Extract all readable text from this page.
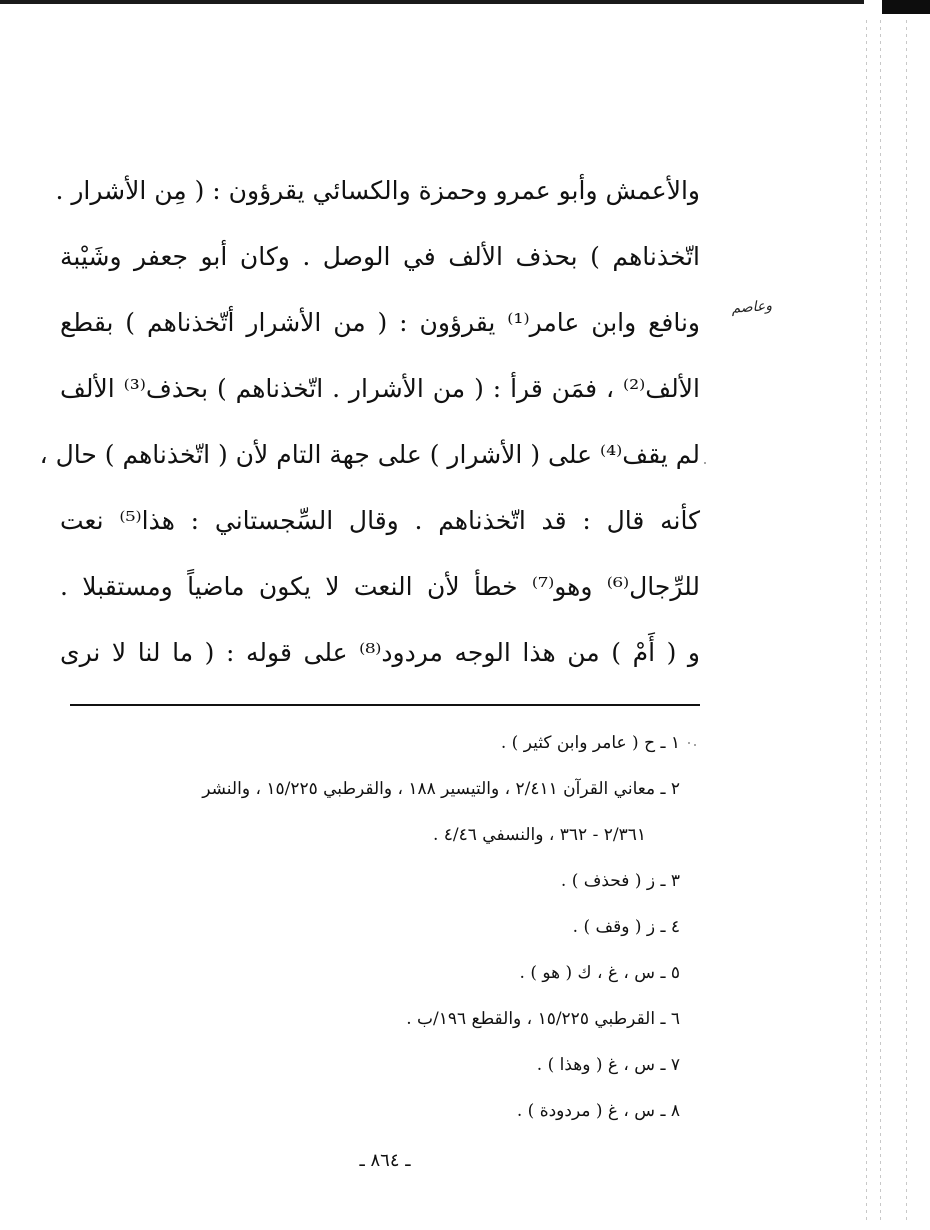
والأعمش وأبو عمرو وحمزة والكسائي يقرؤون : ( مِن الأشرار .
اتّخذناهم ) بحذف الألف في الوصل . وكان أبو جعفر وشَيْبة
ونافع وابن عامر⁽¹⁾ يقرؤون : ( من الأشرار أتّخذناهم ) بقطع
الألف⁽²⁾ ، فمَن قرأ : ( من الأشرار . اتّخذناهم ) بحذف⁽³⁾ الألف
لم يقف⁽⁴⁾ على ( الأشرار ) على جهة التام لأن ( اتّخذناهم ) حال ،
كأنه قال : قد اتّخذناهم . وقال السِّجستاني : هذا⁽⁵⁾ نعت
للرِّجال⁽⁶⁾ وهو⁽⁷⁾ خطأ لأن النعت لا يكون ماضياً ومستقبلا .
و ( أَمْ ) من هذا الوجه مردود⁽⁸⁾ على قوله : ( ما لنا لا نرى
وعاصم
١ ـ ح ( عامر وابن كثير ) .
٢ ـ معاني القرآن ٢/٤١١ ، والتيسير ١٨٨ ، والقرطبي ١٥/٢٢٥ ، والنشر
٢/٣٦١ - ٣٦٢ ، والنسفي ٤/٤٦ .
٣ ـ ز ( فحذف ) .
٤ ـ ز ( وقف ) .
٥ ـ س ، غ ، ك ( هو ) .
٦ ـ القرطبي ١٥/٢٢٥ ، والقطع ١٩٦/ب .
٧ ـ س ، غ ( وهذا ) .
٨ ـ س ، غ ( مردودة ) .
ـ ٨٦٤ ـ
